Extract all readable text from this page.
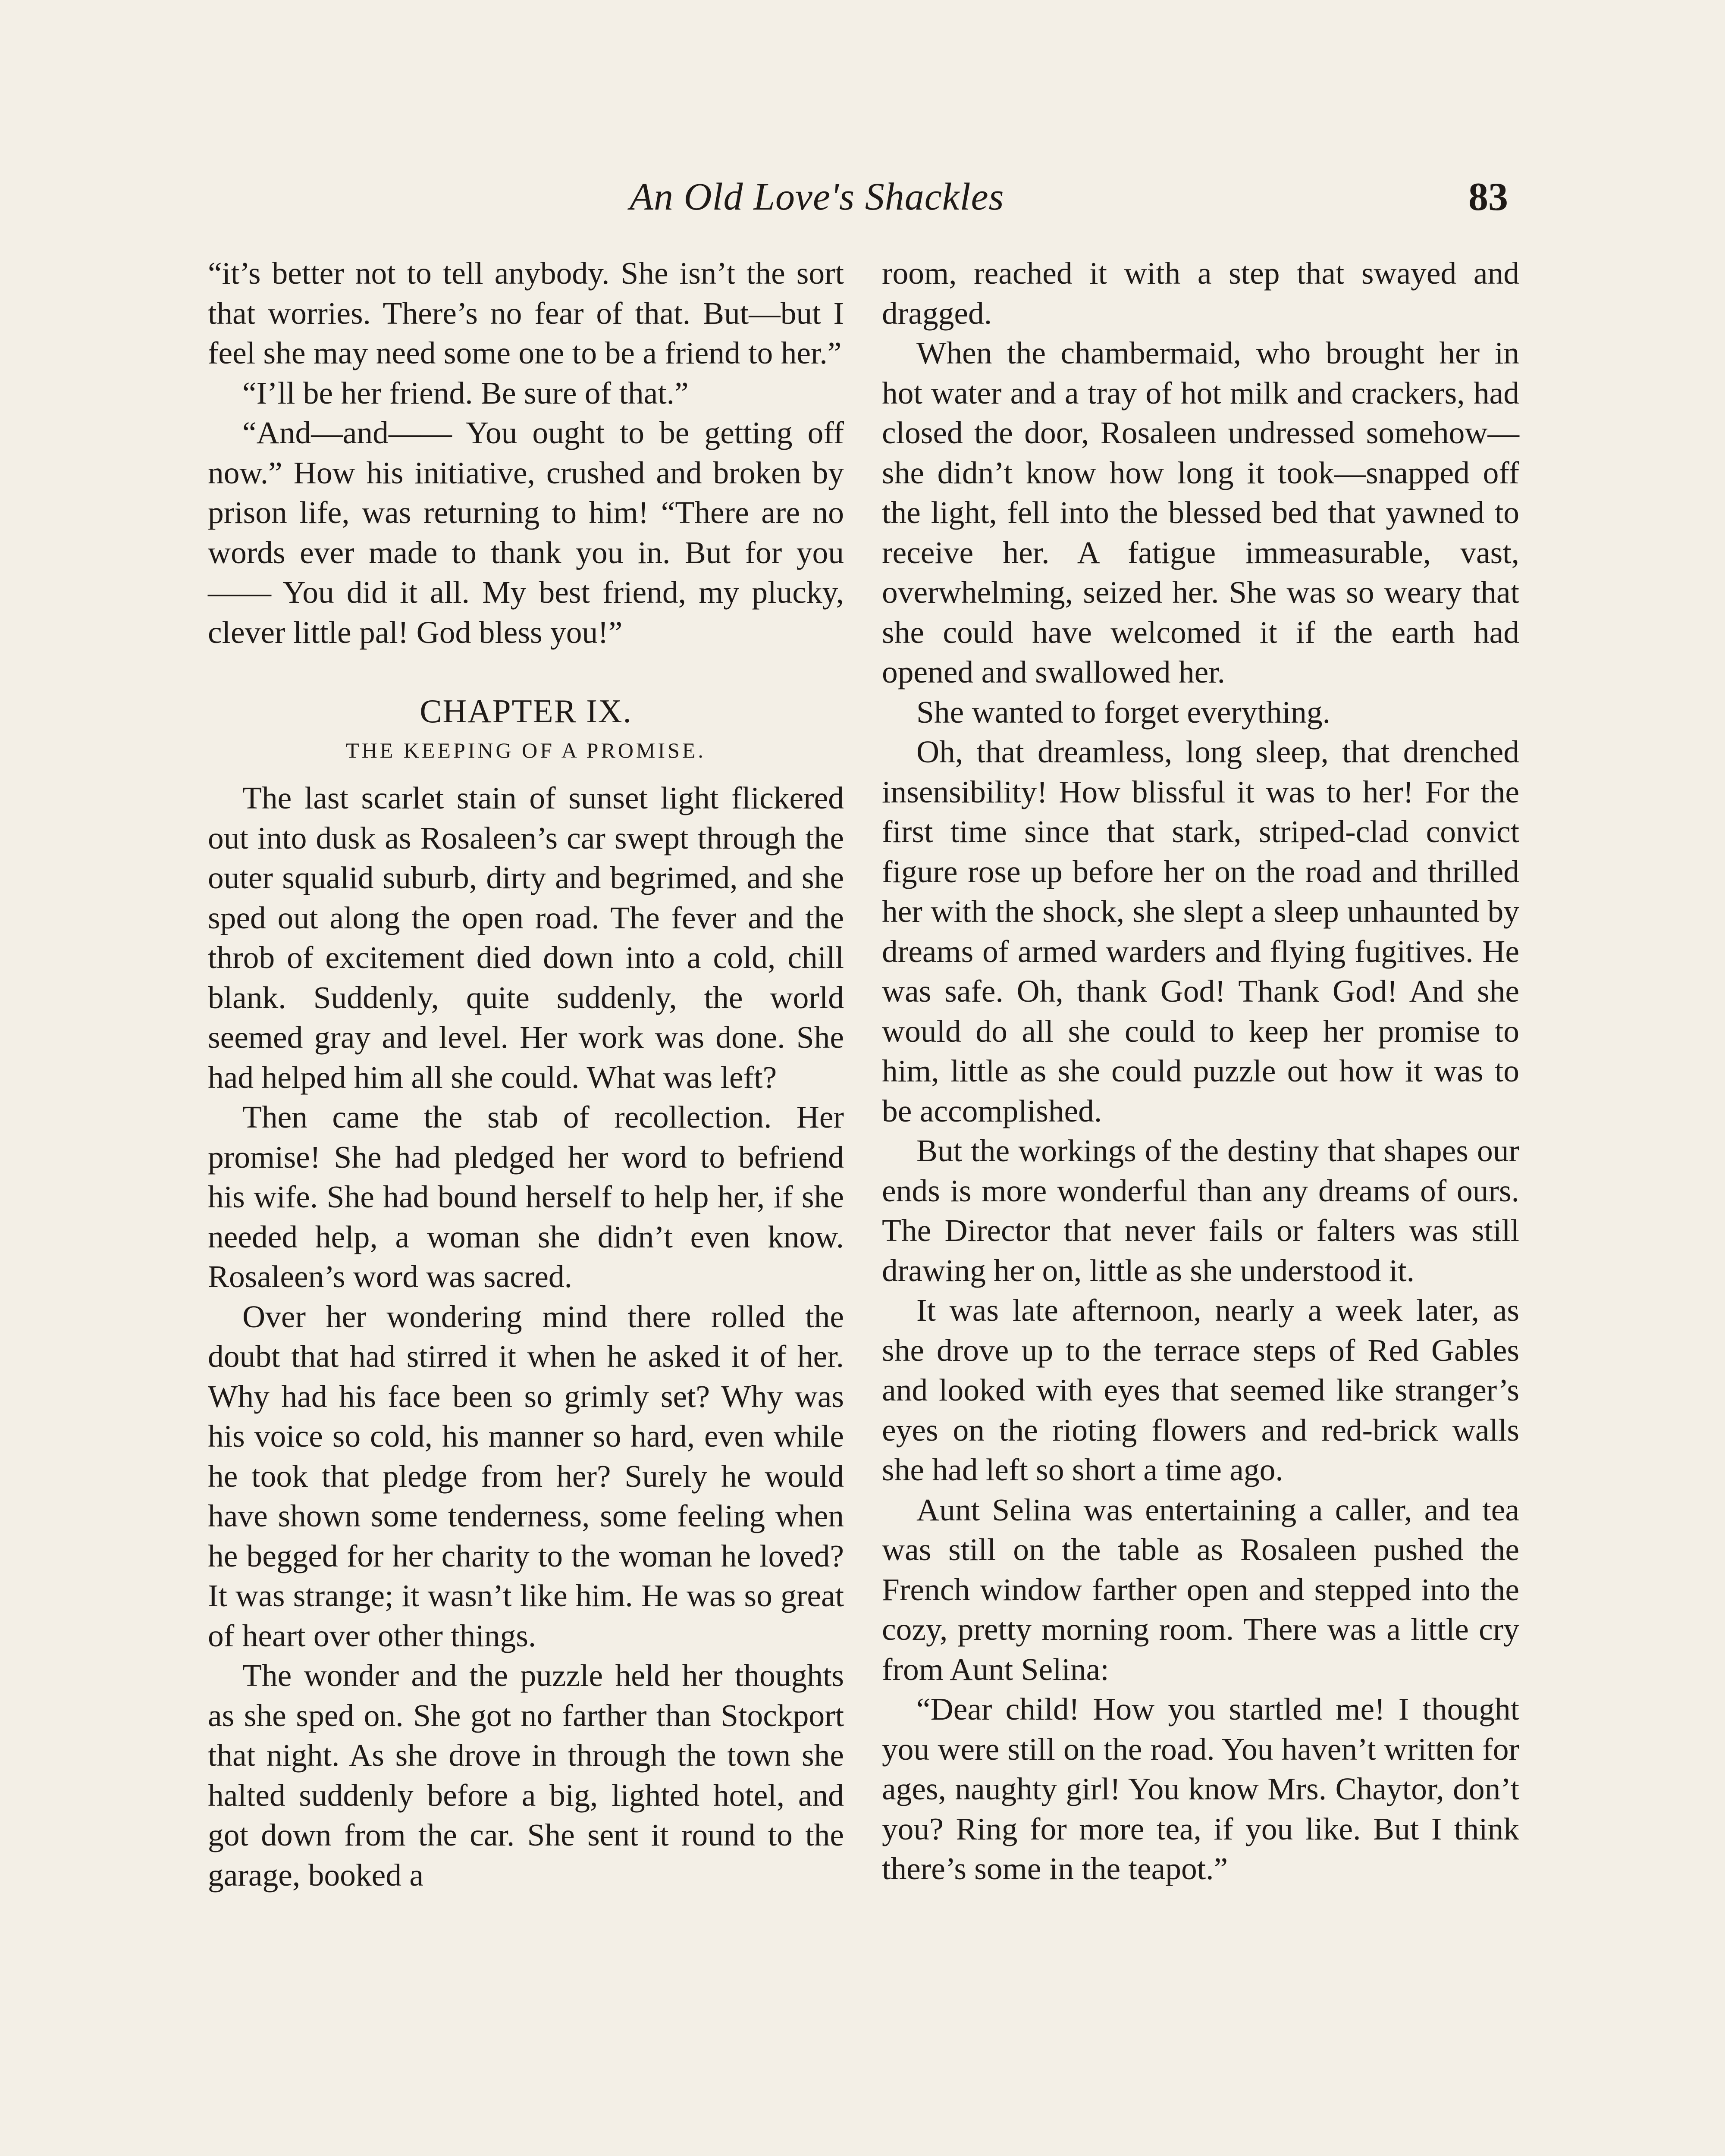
An Old Love's Shackles	83

“it’s better not to tell anybody. She isn’t the sort that worries. There’s no fear of that. But—but I feel she may need some one to be a friend to her.”

“I’ll be her friend. Be sure of that.”

“And—and—— You ought to be getting off now.” How his initiative, crushed and broken by prison life, was returning to him! “There are no words ever made to thank you in. But for you—— You did it all. My best friend, my plucky, clever little pal! God bless you!”

CHAPTER IX.
THE KEEPING OF A PROMISE.

The last scarlet stain of sunset light flickered out into dusk as Rosaleen’s car swept through the outer squalid suburb, dirty and begrimed, and she sped out along the open road. The fever and the throb of excitement died down into a cold, chill blank. Suddenly, quite suddenly, the world seemed gray and level. Her work was done. She had helped him all she could. What was left?

Then came the stab of recollection. Her promise! She had pledged her word to befriend his wife. She had bound herself to help her, if she needed help, a woman she didn’t even know. Rosaleen’s word was sacred.

Over her wondering mind there rolled the doubt that had stirred it when he asked it of her. Why had his face been so grimly set? Why was his voice so cold, his manner so hard, even while he took that pledge from her? Surely he would have shown some tenderness, some feeling when he begged for her charity to the woman he loved? It was strange; it wasn’t like him. He was so great of heart over other things.

The wonder and the puzzle held her thoughts as she sped on. She got no farther than Stockport that night. As she drove in through the town she halted suddenly before a big, lighted hotel, and got down from the car. She sent it round to the garage, booked a

room, reached it with a step that swayed and dragged.

When the chambermaid, who brought her in hot water and a tray of hot milk and crackers, had closed the door, Rosaleen undressed somehow—she didn’t know how long it took—snapped off the light, fell into the blessed bed that yawned to receive her. A fatigue immeasurable, vast, overwhelming, seized her. She was so weary that she could have welcomed it if the earth had opened and swallowed her.

She wanted to forget everything.

Oh, that dreamless, long sleep, that drenched insensibility! How blissful it was to her! For the first time since that stark, striped-clad convict figure rose up before her on the road and thrilled her with the shock, she slept a sleep unhaunted by dreams of armed warders and flying fugitives. He was safe. Oh, thank God! Thank God! And she would do all she could to keep her promise to him, little as she could puzzle out how it was to be accomplished.

But the workings of the destiny that shapes our ends is more wonderful than any dreams of ours. The Director that never fails or falters was still drawing her on, little as she understood it.

It was late afternoon, nearly a week later, as she drove up to the terrace steps of Red Gables and looked with eyes that seemed like stranger’s eyes on the rioting flowers and red-brick walls she had left so short a time ago.

Aunt Selina was entertaining a caller, and tea was still on the table as Rosaleen pushed the French window farther open and stepped into the cozy, pretty morning room. There was a little cry from Aunt Selina:

“Dear child! How you startled me! I thought you were still on the road. You haven’t written for ages, naughty girl! You know Mrs. Chaytor, don’t you? Ring for more tea, if you like. But I think there’s some in the teapot.”
